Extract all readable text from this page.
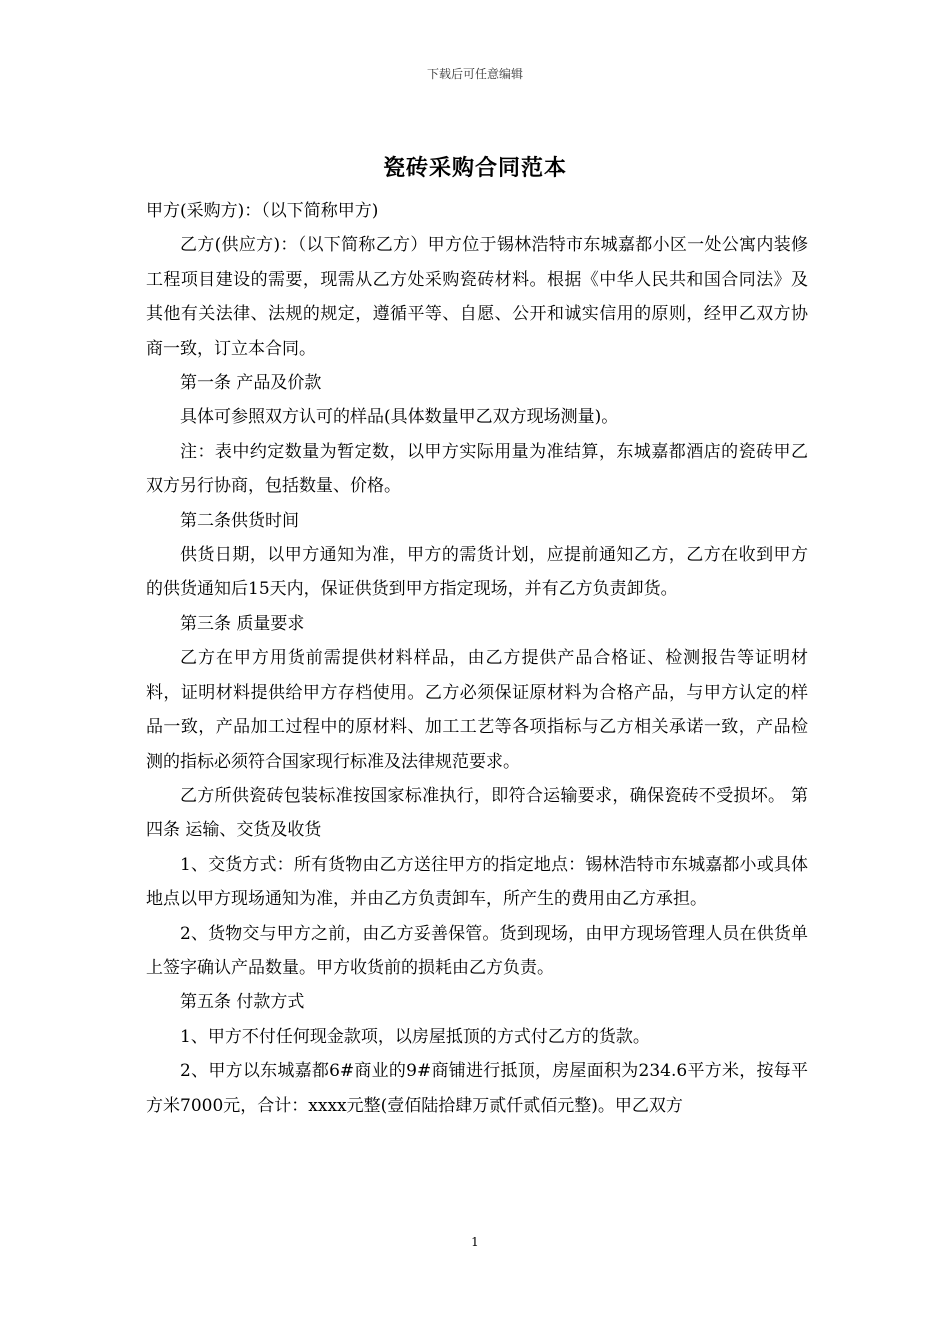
下载后可任意编辑
瓷砖采购合同范本

甲方(采购方)：（以下简称甲方)

乙方(供应方)：（以下简称乙方）甲方位于锡林浩特市东城嘉都小区一处公寓内装修工程项目建设的需要，现需从乙方处采购瓷砖材料。根据《中华人民共和国合同法》及其他有关法律、法规的规定，遵循平等、自愿、公开和诚实信用的原则，经甲乙双方协商一致，订立本合同。

第一条 产品及价款

具体可参照双方认可的样品(具体数量甲乙双方现场测量)。

注：表中约定数量为暂定数，以甲方实际用量为准结算，东城嘉都酒店的瓷砖甲乙双方另行协商，包括数量、价格。

第二条供货时间

供货日期，以甲方通知为准，甲方的需货计划，应提前通知乙方，乙方在收到甲方的供货通知后15天内，保证供货到甲方指定现场，并有乙方负责卸货。

第三条 质量要求

乙方在甲方用货前需提供材料样品，由乙方提供产品合格证、检测报告等证明材料，证明材料提供给甲方存档使用。乙方必须保证原材料为合格产品，与甲方认定的样品一致，产品加工过程中的原材料、加工工艺等各项指标与乙方相关承诺一致，产品检测的指标必须符合国家现行标准及法律规范要求。

乙方所供瓷砖包装标准按国家标准执行，即符合运输要求，确保瓷砖不受损坏。 第四条 运输、交货及收货

1、交货方式：所有货物由乙方送往甲方的指定地点：锡林浩特市东城嘉都小或具体地点以甲方现场通知为准，并由乙方负责卸车，所产生的费用由乙方承担。

2、货物交与甲方之前，由乙方妥善保管。货到现场，由甲方现场管理人员在供货单上签字确认产品数量。甲方收货前的损耗由乙方负责。

第五条 付款方式

1、甲方不付任何现金款项，以房屋抵顶的方式付乙方的货款。

2、甲方以东城嘉都6#商业的9#商铺进行抵顶，房屋面积为234.6平方米，按每平方米7000元，合计：xxxx元整(壹佰陆拾肆万贰仟贰佰元整)。甲乙双方

1
